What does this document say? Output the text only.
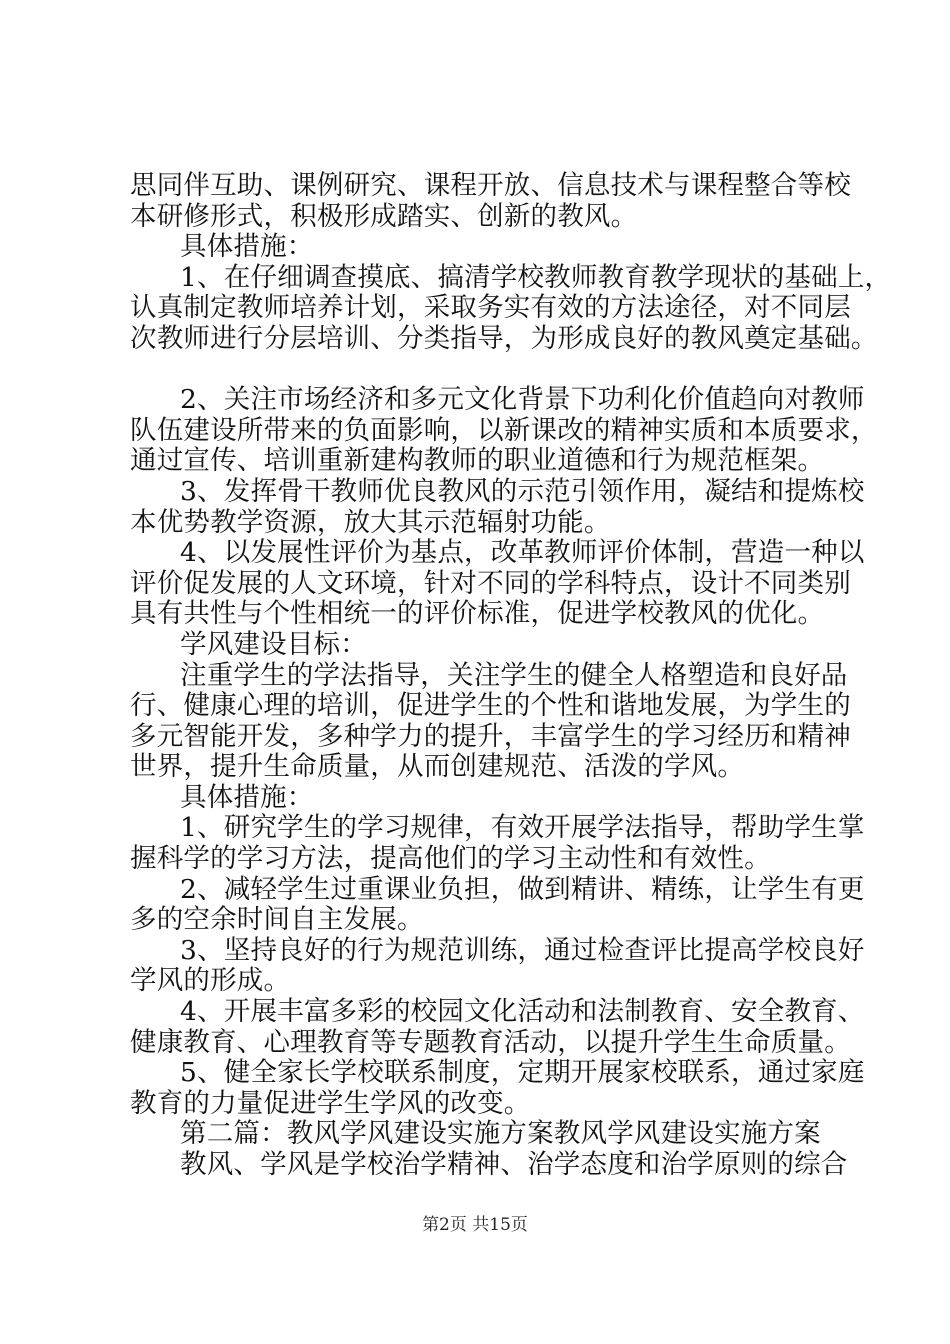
思同伴互助、课例研究、课程开放、信息技术与课程整合等校
本研修形式，积极形成踏实、创新的教风。
具体措施：
1、在仔细调查摸底、搞清学校教师教育教学现状的基础上，
认真制定教师培养计划，采取务实有效的方法途径，对不同层
次教师进行分层培训、分类指导，为形成良好的教风奠定基础。
2、关注市场经济和多元文化背景下功利化价值趋向对教师
队伍建设所带来的负面影响，以新课改的精神实质和本质要求，
通过宣传、培训重新建构教师的职业道德和行为规范框架。
3、发挥骨干教师优良教风的示范引领作用，凝结和提炼校
本优势教学资源，放大其示范辐射功能。
4、以发展性评价为基点，改革教师评价体制，营造一种以
评价促发展的人文环境，针对不同的学科特点，设计不同类别
具有共性与个性相统一的评价标准，促进学校教风的优化。
学风建设目标：
注重学生的学法指导，关注学生的健全人格塑造和良好品
行、健康心理的培训，促进学生的个性和谐地发展，为学生的
多元智能开发，多种学力的提升，丰富学生的学习经历和精神
世界，提升生命质量，从而创建规范、活泼的学风。
具体措施：
1、研究学生的学习规律，有效开展学法指导，帮助学生掌
握科学的学习方法，提高他们的学习主动性和有效性。
2、减轻学生过重课业负担，做到精讲、精练，让学生有更
多的空余时间自主发展。
3、坚持良好的行为规范训练，通过检查评比提高学校良好
学风的形成。
4、开展丰富多彩的校园文化活动和法制教育、安全教育、
健康教育、心理教育等专题教育活动，以提升学生生命质量。
5、健全家长学校联系制度，定期开展家校联系，通过家庭
教育的力量促进学生学风的改变。
第二篇：教风学风建设实施方案教风学风建设实施方案
教风、学风是学校治学精神、治学态度和治学原则的综合
第2页 共15页
